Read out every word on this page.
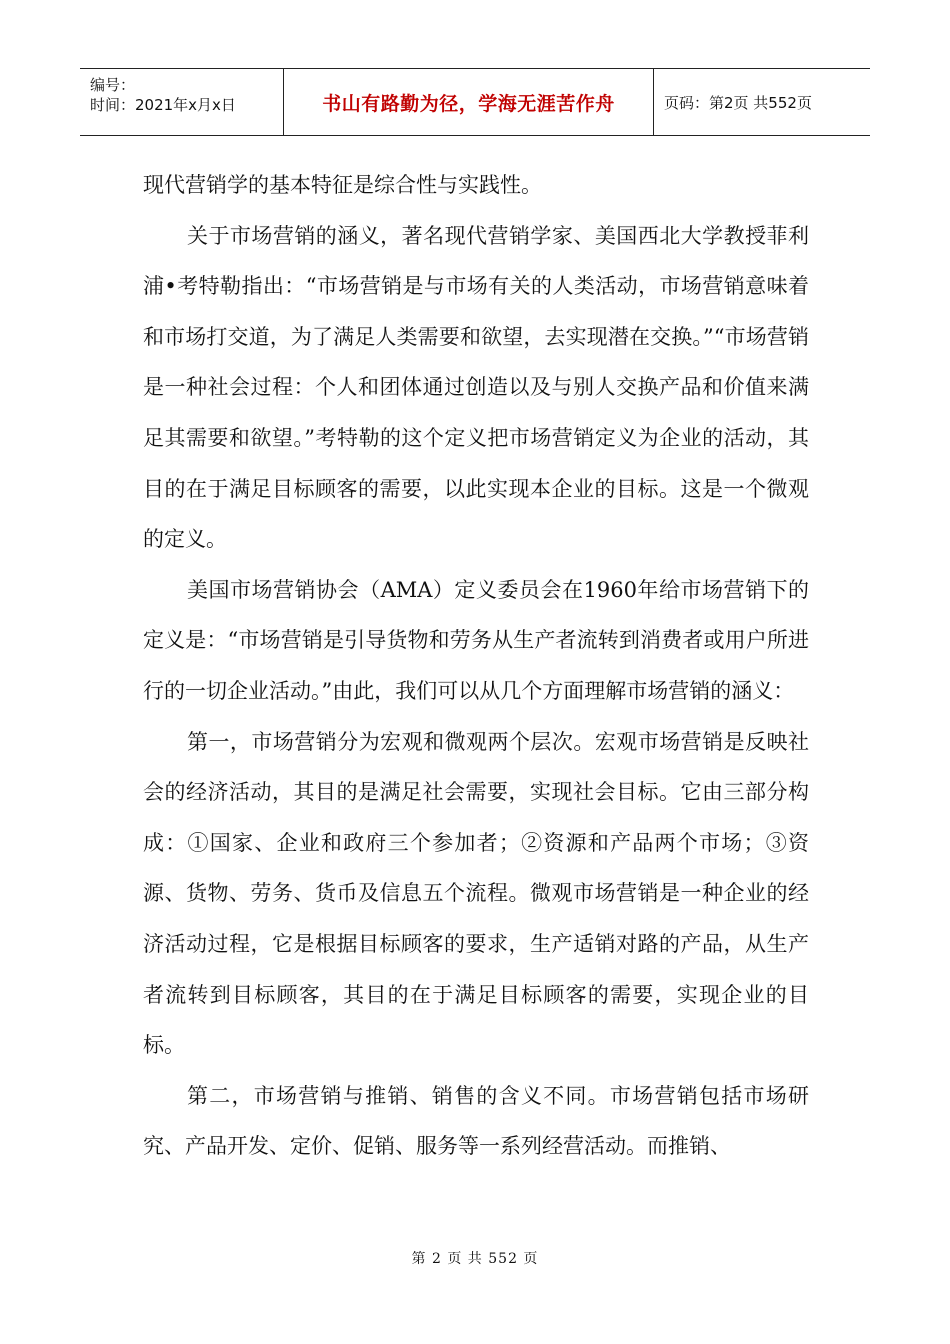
编号：
时间：2021年x月x日	书山有路勤为径，学海无涯苦作舟	页码：第2页 共552页

现代营销学的基本特征是综合性与实践性。

关于市场营销的涵义，著名现代营销学家、美国西北大学教授菲利浦•考特勒指出：“市场营销是与市场有关的人类活动，市场营销意味着和市场打交道，为了满足人类需要和欲望，去实现潜在交换。”“市场营销是一种社会过程：个人和团体通过创造以及与别人交换产品和价值来满足其需要和欲望。”考特勒的这个定义把市场营销定义为企业的活动，其目的在于满足目标顾客的需要，以此实现本企业的目标。这是一个微观的定义。

美国市场营销协会（AMA）定义委员会在1960年给市场营销下的定义是：“市场营销是引导货物和劳务从生产者流转到消费者或用户所进行的一切企业活动。”由此，我们可以从几个方面理解市场营销的涵义：

第一，市场营销分为宏观和微观两个层次。宏观市场营销是反映社会的经济活动，其目的是满足社会需要，实现社会目标。它由三部分构成：①国家、企业和政府三个参加者；②资源和产品两个市场；③资源、货物、劳务、货币及信息五个流程。微观市场营销是一种企业的经济活动过程，它是根据目标顾客的要求，生产适销对路的产品，从生产者流转到目标顾客，其目的在于满足目标顾客的需要，实现企业的目标。

第二，市场营销与推销、销售的含义不同。市场营销包括市场研究、产品开发、定价、促销、服务等一系列经营活动。而推销、

第 2 页 共 552 页
